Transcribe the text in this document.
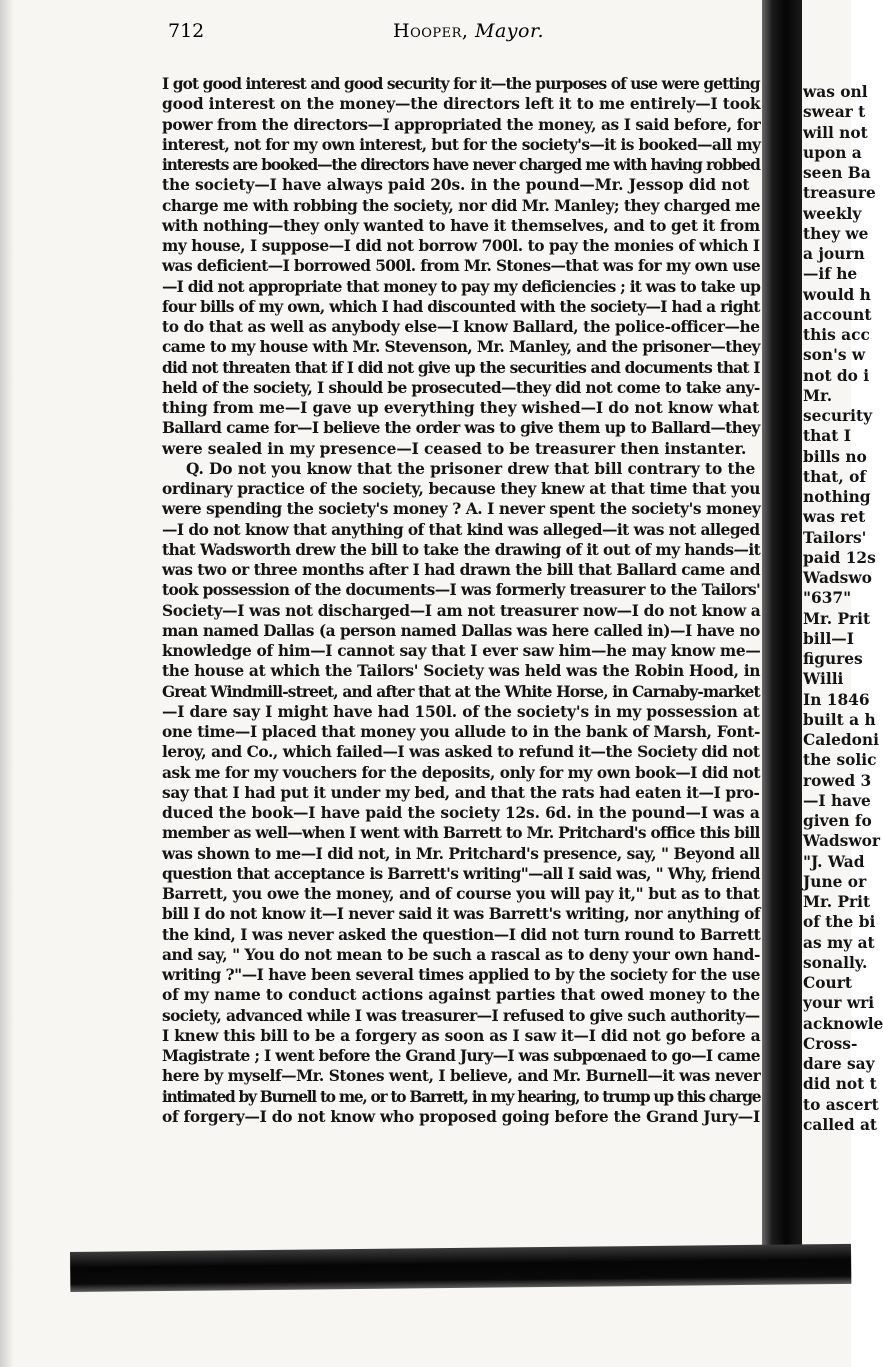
712	Hooper, Mayor.
I got good interest and good security for it—the purposes of use were getting
good interest on the money—the directors left it to me entirely—I took
power from the directors—I appropriated the money, as I said before, for
interest, not for my own interest, but for the society's—it is booked—all my
interests are booked—the directors have never charged me with having robbed
the society—I have always paid 20s. in the pound—Mr. Jessop did not
charge me with robbing the society, nor did Mr. Manley; they charged me
with nothing—they only wanted to have it themselves, and to get it from
my house, I suppose—I did not borrow 700l. to pay the monies of which I
was deficient—I borrowed 500l. from Mr. Stones—that was for my own use
—I did not appropriate that money to pay my deficiencies ; it was to take up
four bills of my own, which I had discounted with the society—I had a right
to do that as well as anybody else—I know Ballard, the police-officer—he
came to my house with Mr. Stevenson, Mr. Manley, and the prisoner—they
did not threaten that if I did not give up the securities and documents that I
held of the society, I should be prosecuted—they did not come to take any-
thing from me—I gave up everything they wished—I do not know what
Ballard came for—I believe the order was to give them up to Ballard—they
were sealed in my presence—I ceased to be treasurer then instanter.
Q. Do not you know that the prisoner drew that bill contrary to the
ordinary practice of the society, because they knew at that time that you
were spending the society's money ? A. I never spent the society's money
—I do not know that anything of that kind was alleged—it was not alleged
that Wadsworth drew the bill to take the drawing of it out of my hands—it
was two or three months after I had drawn the bill that Ballard came and
took possession of the documents—I was formerly treasurer to the Tailors'
Society—I was not discharged—I am not treasurer now—I do not know a
man named Dallas (a person named Dallas was here called in)—I have no
knowledge of him—I cannot say that I ever saw him—he may know me—
the house at which the Tailors' Society was held was the Robin Hood, in
Great Windmill-street, and after that at the White Horse, in Carnaby-market
—I dare say I might have had 150l. of the society's in my possession at
one time—I placed that money you allude to in the bank of Marsh, Font-
leroy, and Co., which failed—I was asked to refund it—the Society did not
ask me for my vouchers for the deposits, only for my own book—I did not
say that I had put it under my bed, and that the rats had eaten it—I pro-
duced the book—I have paid the society 12s. 6d. in the pound—I was a
member as well—when I went with Barrett to Mr. Pritchard's office this bill
was shown to me—I did not, in Mr. Pritchard's presence, say, " Beyond all
question that acceptance is Barrett's writing"—all I said was, " Why, friend
Barrett, you owe the money, and of course you will pay it," but as to that
bill I do not know it—I never said it was Barrett's writing, nor anything of
the kind, I was never asked the question—I did not turn round to Barrett
and say, " You do not mean to be such a rascal as to deny your own hand-
writing ?"—I have been several times applied to by the society for the use
of my name to conduct actions against parties that owed money to the
society, advanced while I was treasurer—I refused to give such authority—
I knew this bill to be a forgery as soon as I saw it—I did not go before a
Magistrate ; I went before the Grand Jury—I was subpœnaed to go—I came
here by myself—Mr. Stones went, I believe, and Mr. Burnell—it was never
intimated by Burnell to me, or to Barrett, in my hearing, to trump up this charge
of forgery—I do not know who proposed going before the Grand Jury—I
was onl
swear t
will not
upon a
seen Ba
treasure
weekly
they we
a journ
—if he
would h
account
this acc
son's w
not do i
Mr.
security
that I
bills no
that, of
nothing
was ret
Tailors'
paid 12s
Wadswo
"637"
Mr. Prit
bill—I
figures
Willi
In 1846
built a h
Caledoni
the solic
rowed 3
—I have
given fo
Wadswor
"J. Wad
June or
Mr. Prit
of the bi
as my at
sonally.
Court
your wri
acknowle
Cross-
dare say
did not t
to ascert
called at
